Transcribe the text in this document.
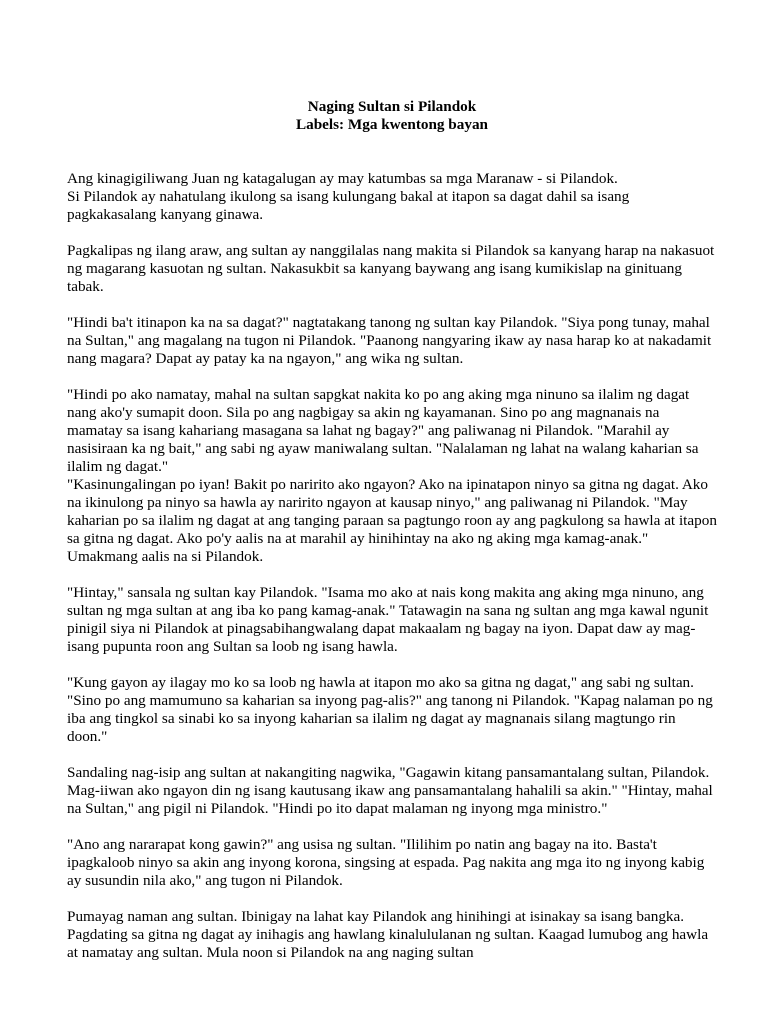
Naging Sultan si Pilandok
Labels: Mga kwentong bayan
Ang kinagigiliwang Juan ng katagalugan ay may katumbas sa mga Maranaw - si Pilandok.
Si Pilandok ay nahatulang ikulong sa isang kulungang bakal at itapon sa dagat dahil sa isang
pagkakasalang kanyang ginawa.
Pagkalipas ng ilang araw, ang sultan ay nanggilalas nang makita si Pilandok sa kanyang harap na nakasuot
ng magarang kasuotan ng sultan. Nakasukbit sa kanyang baywang ang isang kumikislap na ginituang
tabak.
"Hindi ba't itinapon ka na sa dagat?" nagtatakang tanong ng sultan kay Pilandok. "Siya pong tunay, mahal
na Sultan," ang magalang na tugon ni Pilandok. "Paanong nangyaring ikaw ay nasa harap ko at nakadamit
nang magara? Dapat ay patay ka na ngayon," ang wika ng sultan.
"Hindi po ako namatay, mahal na sultan sapgkat nakita ko po ang aking mga ninuno sa ilalim ng dagat
nang ako'y sumapit doon. Sila po ang nagbigay sa akin ng kayamanan. Sino po ang magnanais na
mamatay sa isang kahariang masagana sa lahat ng bagay?" ang paliwanag ni Pilandok. "Marahil ay
nasisiraan ka ng bait," ang sabi ng ayaw maniwalang sultan. "Nalalaman ng lahat na walang kaharian sa
ilalim ng dagat."
"Kasinungalingan po iyan! Bakit po naririto ako ngayon? Ako na ipinatapon ninyo sa gitna ng dagat. Ako
na ikinulong pa ninyo sa hawla ay naririto ngayon at kausap ninyo," ang paliwanag ni Pilandok. "May
kaharian po sa ilalim ng dagat at ang tanging paraan sa pagtungo roon ay ang pagkulong sa hawla at itapon
sa gitna ng dagat. Ako po'y aalis na at marahil ay hinihintay na ako ng aking mga kamag-anak."
Umakmang aalis na si Pilandok.
"Hintay," sansala ng sultan kay Pilandok. "Isama mo ako at nais kong makita ang aking mga ninuno, ang
sultan ng mga sultan at ang iba ko pang kamag-anak." Tatawagin na sana ng sultan ang mga kawal ngunit
pinigil siya ni Pilandok at pinagsabihangwalang dapat makaalam ng bagay na iyon. Dapat daw ay mag-
isang pupunta roon ang Sultan sa loob ng isang hawla.
"Kung gayon ay ilagay mo ko sa loob ng hawla at itapon mo ako sa gitna ng dagat," ang sabi ng sultan.
"Sino po ang mamumuno sa kaharian sa inyong pag-alis?" ang tanong ni Pilandok. "Kapag nalaman po ng
iba ang tingkol sa sinabi ko sa inyong kaharian sa ilalim ng dagat ay magnanais silang magtungo rin
doon."
Sandaling nag-isip ang sultan at nakangiting nagwika, "Gagawin kitang pansamantalang sultan, Pilandok.
Mag-iiwan ako ngayon din ng isang kautusang ikaw ang pansamantalang hahalili sa akin." "Hintay, mahal
na Sultan," ang pigil ni Pilandok. "Hindi po ito dapat malaman ng inyong mga ministro."
"Ano ang nararapat kong gawin?" ang usisa ng sultan. "Ililihim po natin ang bagay na ito. Basta't
ipagkaloob ninyo sa akin ang inyong korona, singsing at espada. Pag nakita ang mga ito ng inyong kabig
ay susundin nila ako," ang tugon ni Pilandok.
Pumayag naman ang sultan. Ibinigay na lahat kay Pilandok ang hinihingi at isinakay sa isang bangka.
Pagdating sa gitna ng dagat ay inihagis ang hawlang kinalululanan ng sultan. Kaagad lumubog ang hawla
at namatay ang sultan. Mula noon si Pilandok na ang naging sultan
